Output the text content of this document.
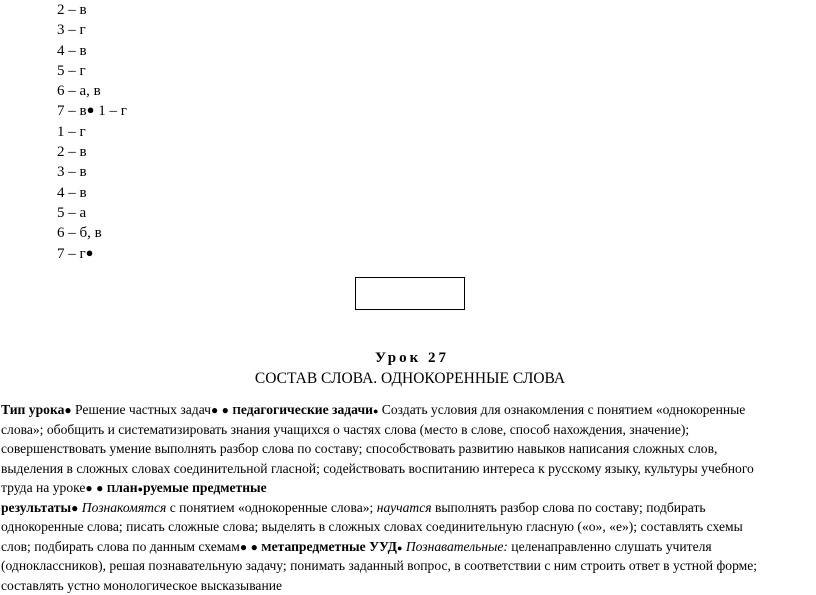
2 – в
3 – г
4 – в
5 – г
6 – а, в
7 – в● 1 – г
1 – г
2 – в
3 – в
4 – в
5 – а
6 – б, в
7 – г●
Урок 27
СОСТАВ СЛОВА. ОДНОКОРЕННЫЕ СЛОВА
Тип урока● Решение частных задач● ● Педагогические задачи● Создать условия для ознакомления с понятием «однокоренные
слова»; обобщить и систематизировать знания учащихся о частях слова (место в слове, способ нахождения, значение);
совершенствовать умение выполнять разбор слова по составу; способствовать развитию навыков написания сложных слов,
выделения в сложных словах соединительной гласной; содействовать воспитанию интереса к русскому языку, культуры учебного
труда на уроке● ● План●руемые предметные
результаты● Познакомятся с понятием «однокоренные слова»; научатся выполнять разбор слова по составу; подбирать
однокоренные слова; писать сложные слова; выделять в сложных словах соединительную гласную («о», «е»); составлять схемы
слов; подбирать слова по данным схемам● ● Метапредметные УУД● Познавательные: целенаправленно слушать учителя
(одноклассников), решая познавательную задачу; понимать заданный вопрос, в соответствии с ним строить ответ в устной форме;
составлять устно монологическое высказывание
